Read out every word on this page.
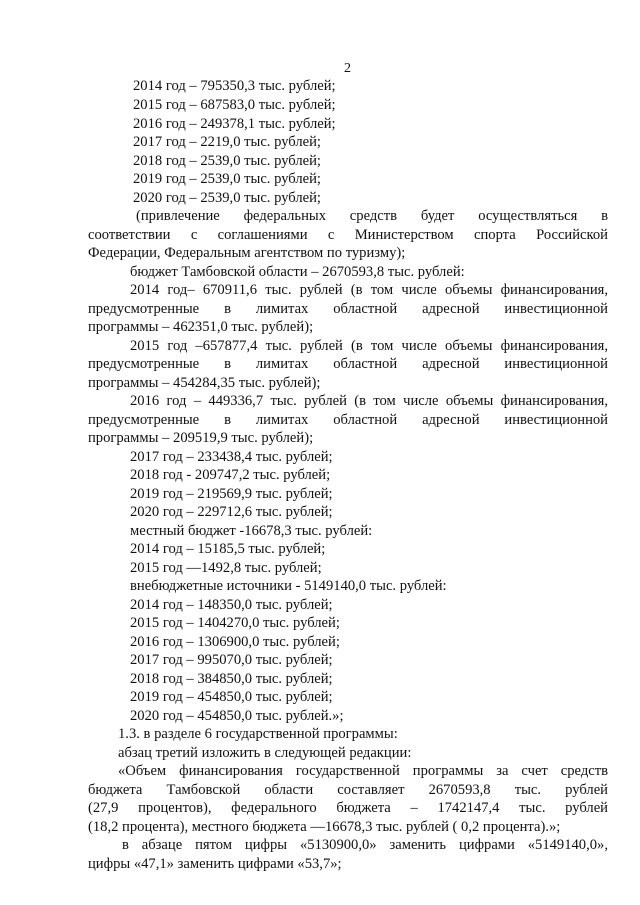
2
2014 год – 795350,3 тыс. рублей;
2015 год – 687583,0 тыс. рублей;
2016 год – 249378,1 тыс. рублей;
2017 год – 2219,0 тыс. рублей;
2018 год – 2539,0 тыс. рублей;
2019 год – 2539,0 тыс. рублей;
2020 год – 2539,0 тыс. рублей;
(привлечение федеральных средств будет осуществляться в
соответствии с соглашениями с Министерством спорта Российской
Федерации, Федеральным агентством по туризму);
бюджет Тамбовской области – 2670593,8 тыс. рублей:
2014 год– 670911,6 тыс. рублей (в том числе объемы финансирования,
предусмотренные в лимитах областной адресной инвестиционной
программы – 462351,0 тыс. рублей);
2015 год –657877,4 тыс. рублей (в том числе объемы финансирования,
предусмотренные в лимитах областной адресной инвестиционной
программы – 454284,35 тыс. рублей);
2016 год – 449336,7 тыс. рублей (в том числе объемы финансирования,
предусмотренные в лимитах областной адресной инвестиционной
программы – 209519,9 тыс. рублей);
2017 год – 233438,4 тыс. рублей;
2018 год - 209747,2 тыс. рублей;
2019 год – 219569,9 тыс. рублей;
2020 год – 229712,6 тыс. рублей;
местный бюджет -16678,3 тыс. рублей:
2014 год – 15185,5 тыс. рублей;
2015 год —1492,8 тыс. рублей;
внебюджетные источники - 5149140,0 тыс. рублей:
2014 год – 148350,0 тыс. рублей;
2015 год – 1404270,0 тыс. рублей;
2016 год – 1306900,0 тыс. рублей;
2017 год – 995070,0 тыс. рублей;
2018 год – 384850,0 тыс. рублей;
2019 год – 454850,0 тыс. рублей;
2020 год – 454850,0 тыс. рублей.»;
1.3. в разделе 6 государственной программы:
абзац третий изложить в следующей редакции:
«Объем финансирования государственной программы за счет средств
бюджета Тамбовской области составляет 2670593,8 тыс. рублей
(27,9 процентов), федерального бюджета – 1742147,4 тыс. рублей
(18,2 процента), местного бюджета —16678,3 тыс. рублей ( 0,2 процента).»;
в абзаце пятом цифры «5130900,0» заменить цифрами «5149140,0»,
цифры «47,1» заменить цифрами «53,7»;
